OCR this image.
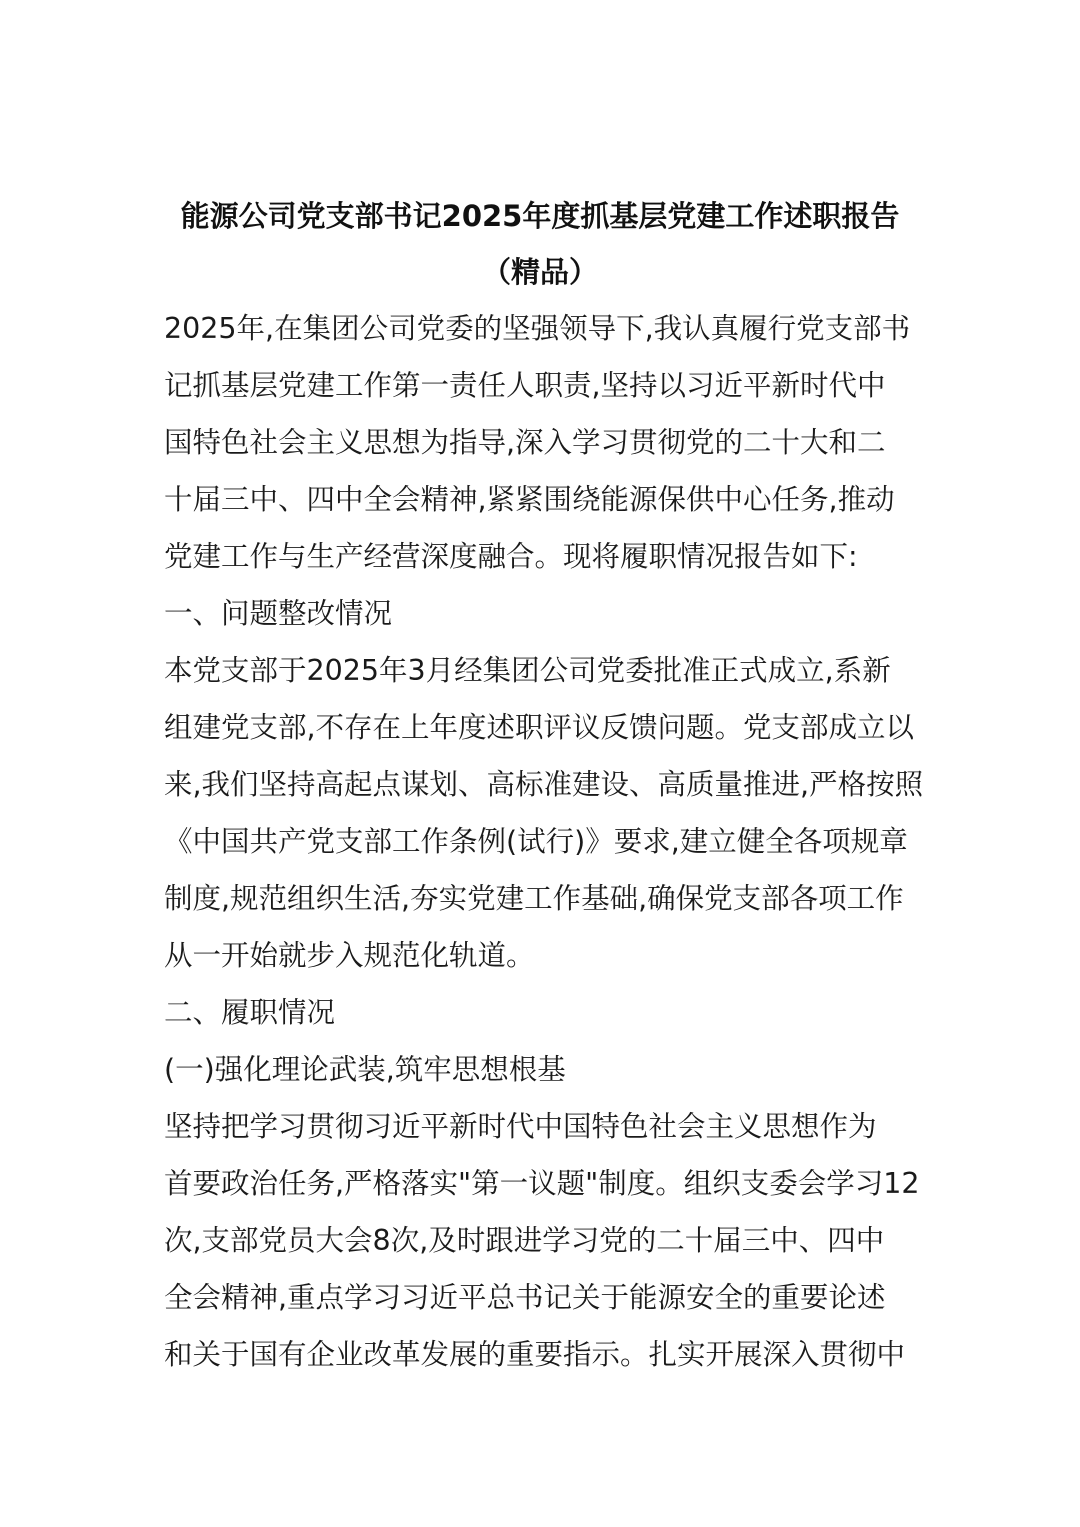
能源公司党支部书记2025年度抓基层党建工作述职报告
（精品）
2025年,在集团公司党委的坚强领导下,我认真履行党支部书
记抓基层党建工作第一责任人职责,坚持以习近平新时代中
国特色社会主义思想为指导,深入学习贯彻党的二十大和二
十届三中、四中全会精神,紧紧围绕能源保供中心任务,推动
党建工作与生产经营深度融合。现将履职情况报告如下:
一、问题整改情况
本党支部于2025年3月经集团公司党委批准正式成立,系新
组建党支部,不存在上年度述职评议反馈问题。党支部成立以
来,我们坚持高起点谋划、高标准建设、高质量推进,严格按照
《中国共产党支部工作条例(试行)》要求,建立健全各项规章
制度,规范组织生活,夯实党建工作基础,确保党支部各项工作
从一开始就步入规范化轨道。
二、履职情况
(一)强化理论武装,筑牢思想根基
坚持把学习贯彻习近平新时代中国特色社会主义思想作为
首要政治任务,严格落实"第一议题"制度。组织支委会学习12
次,支部党员大会8次,及时跟进学习党的二十届三中、四中
全会精神,重点学习习近平总书记关于能源安全的重要论述
和关于国有企业改革发展的重要指示。扎实开展深入贯彻中
